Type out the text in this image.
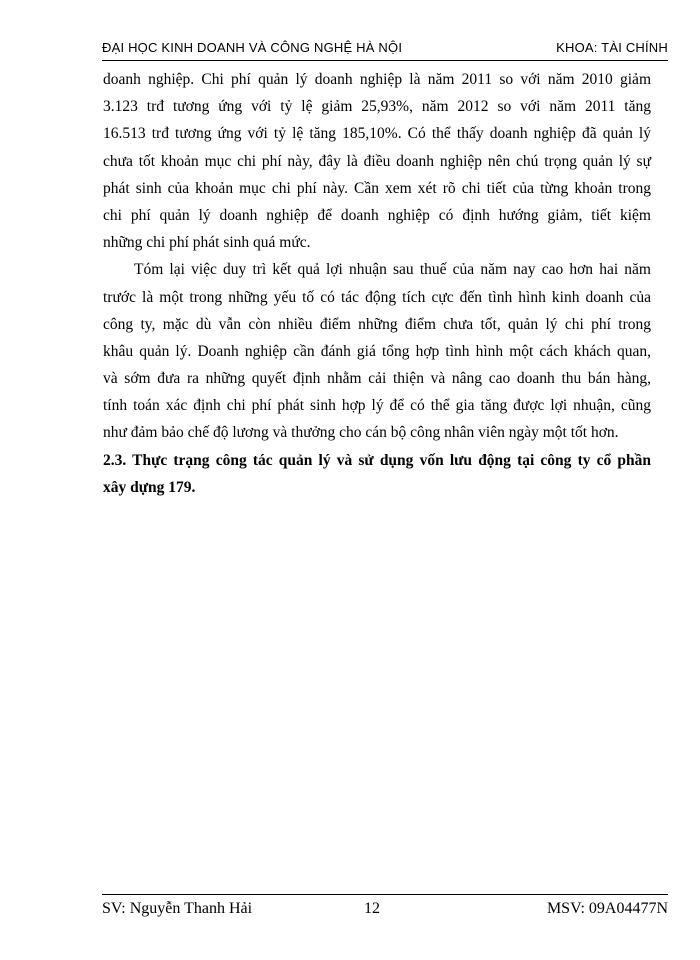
ĐẠI HỌC KINH DOANH VÀ CÔNG NGHỆ HÀ NỘI	KHOA: TÀI CHÍNH
doanh nghiệp. Chi phí quản lý doanh nghiệp là năm 2011 so với năm 2010 giảm
3.123 trđ tương ứng với tỷ lệ giảm 25,93%, năm 2012 so với năm 2011 tăng
16.513 trđ tương ứng với tỷ lệ tăng 185,10%. Có thể thấy doanh nghiệp đã quản lý
chưa tốt khoản mục chi phí này, đây là điều doanh nghiệp nên chú trọng quản lý sự
phát sinh của khoản mục chi phí này. Cần xem xét rõ chi tiết của từng khoản trong
chi phí quản lý doanh nghiệp để doanh nghiệp có định hướng giảm, tiết kiệm
những chi phí phát sinh quá mức.
Tóm lại việc duy trì kết quả lợi nhuận sau thuế của năm nay cao hơn hai năm
trước là một trong những yếu tố có tác động tích cực đến tình hình kinh doanh của
công ty, mặc dù vẫn còn nhiều điểm những điểm chưa tốt, quản lý chi phí trong
khâu quản lý. Doanh nghiệp cần đánh giá tổng hợp tình hình một cách khách quan,
và sớm đưa ra những quyết định nhằm cải thiện và nâng cao doanh thu bán hàng,
tính toán xác định chi phí phát sinh hợp lý để có thể gia tăng được lợi nhuận, cũng
như đảm bảo chế độ lương và thưởng cho cán bộ công nhân viên ngày một tốt hơn.
2.3. Thực trạng công tác quản lý và sử dụng vốn lưu động tại công ty cổ phần
xây dựng 179.
SV: Nguyễn Thanh Hải	12	MSV: 09A04477N
